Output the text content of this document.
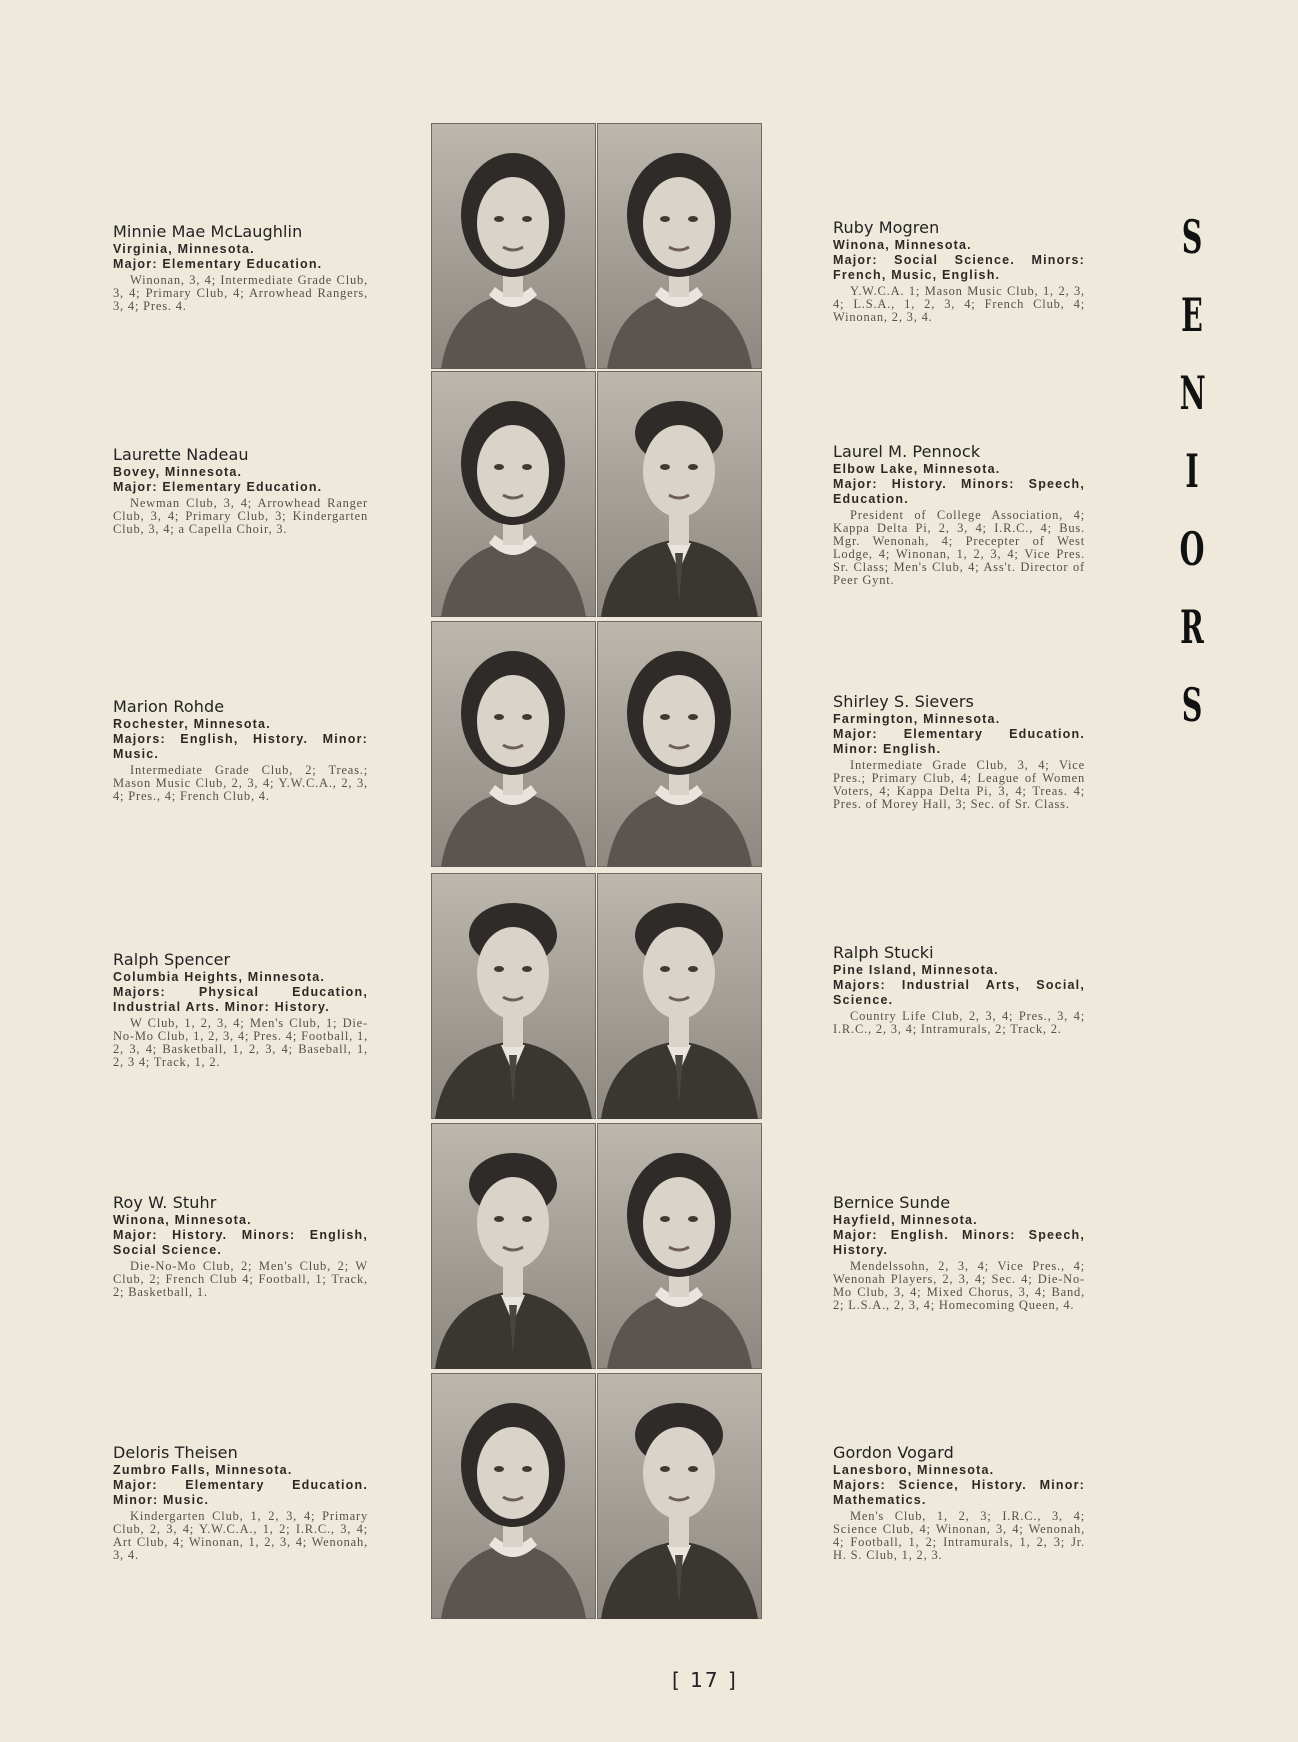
Minnie Mae McLaughlin
Virginia, Minnesota.
Major: Elementary Education.
Winonan, 3, 4; Intermediate Grade Club, 3, 4; Primary Club, 4; Arrowhead Rangers, 3, 4; Pres. 4.
Laurette Nadeau
Bovey, Minnesota.
Major: Elementary Education.
Newman Club, 3, 4; Arrowhead Ranger Club, 3, 4; Primary Club, 3; Kindergarten Club, 3, 4; a Capella Choir, 3.
Marion Rohde
Rochester, Minnesota.
Majors: English, History. Minor: Music.
Intermediate Grade Club, 2; Treas.; Mason Music Club, 2, 3, 4; Y.W.C.A., 2, 3, 4; Pres., 4; French Club, 4.
Ralph Spencer
Columbia Heights, Minnesota.
Majors: Physical Education, Industrial Arts. Minor: History.
W Club, 1, 2, 3, 4; Men's Club, 1; Die-No-Mo Club, 1, 2, 3, 4; Pres. 4; Football, 1, 2, 3, 4; Basketball, 1, 2, 3, 4; Baseball, 1, 2, 3 4; Track, 1, 2.
Roy W. Stuhr
Winona, Minnesota.
Major: History. Minors: English, Social Science.
Die-No-Mo Club, 2; Men's Club, 2; W Club, 2; French Club 4; Football, 1; Track, 2; Basketball, 1.
Deloris Theisen
Zumbro Falls, Minnesota.
Major: Elementary Education. Minor: Music.
Kindergarten Club, 1, 2, 3, 4; Primary Club, 2, 3, 4; Y.W.C.A., 1, 2; I.R.C., 3, 4; Art Club, 4; Winonan, 1, 2, 3, 4; Wenonah, 3, 4.
Ruby Mogren
Winona, Minnesota.
Major: Social Science. Minors: French, Music, English.
Y.W.C.A. 1; Mason Music Club, 1, 2, 3, 4; L.S.A., 1, 2, 3, 4; French Club, 4; Winonan, 2, 3, 4.
Laurel M. Pennock
Elbow Lake, Minnesota.
Major: History. Minors: Speech, Education.
President of College Association, 4; Kappa Delta Pi, 2, 3, 4; I.R.C., 4; Bus. Mgr. Wenonah, 4; Precepter of West Lodge, 4; Winonan, 1, 2, 3, 4; Vice Pres. Sr. Class; Men's Club, 4; Ass't. Director of Peer Gynt.
Shirley S. Sievers
Farmington, Minnesota.
Major: Elementary Education. Minor: English.
Intermediate Grade Club, 3, 4; Vice Pres.; Primary Club, 4; League of Women Voters, 4; Kappa Delta Pi, 3, 4; Treas. 4; Pres. of Morey Hall, 3; Sec. of Sr. Class.
Ralph Stucki
Pine Island, Minnesota.
Majors: Industrial Arts, Social, Science.
Country Life Club, 2, 3, 4; Pres., 3, 4; I.R.C., 2, 3, 4; Intramurals, 2; Track, 2.
Bernice Sunde
Hayfield, Minnesota.
Major: English. Minors: Speech, History.
Mendelssohn, 2, 3, 4; Vice Pres., 4; Wenonah Players, 2, 3, 4; Sec. 4; Die-No-Mo Club, 3, 4; Mixed Chorus, 3, 4; Band, 2; L.S.A., 2, 3, 4; Homecoming Queen, 4.
Gordon Vogard
Lanesboro, Minnesota.
Majors: Science, History. Minor: Mathematics.
Men's Club, 1, 2, 3; I.R.C., 3, 4; Science Club, 4; Winonan, 3, 4; Wenonah, 4; Football, 1, 2; Intramurals, 1, 2, 3; Jr. H. S. Club, 1, 2, 3.
S
E
N
I
O
R
S
[ 17 ]
